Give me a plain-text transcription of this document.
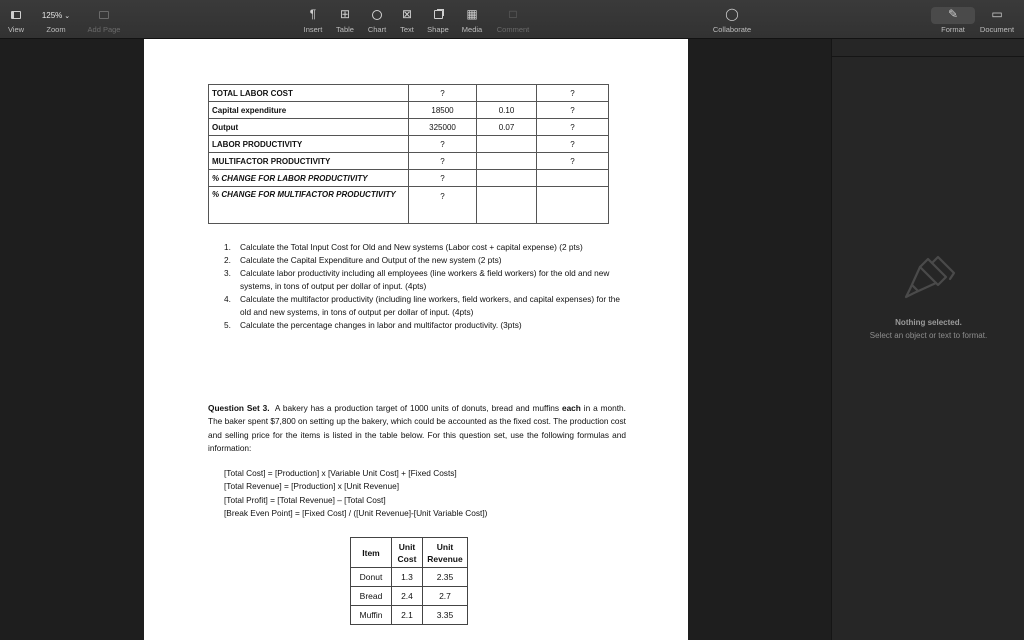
View
125% ⌄
Zoom	Add Page
¶
Insert
⊞
Table	Chart
⊠
Text	Shape
▦
Media
□
Comment
◯
Collaborate
✎
Format
▭
Document
TOTAL LABOR COST	?		?
Capital expenditure	18500	0.10	?
Output	325000	0.07	?
LABOR PRODUCTIVITY	?		?
MULTIFACTOR PRODUCTIVITY	?		?
% CHANGE FOR LABOR PRODUCTIVITY	?		
% CHANGE FOR MULTIFACTOR PRODUCTIVITY	?		
1. Calculate the Total Input Cost for Old and New systems (Labor cost + capital expense) (2 pts)
2. Calculate the Capital Expenditure and Output of the new system (2 pts)
3. Calculate labor productivity including all employees (line workers & field workers) for the old and new systems, in tons of output per dollar of input. (4pts)
4. Calculate the multifactor productivity (including line workers, field workers, and capital expenses) for the old and new systems, in tons of output per dollar of input. (4pts)
5. Calculate the percentage changes in labor and multifactor productivity. (3pts)

Question Set 3. A bakery has a production target of 1000 units of donuts, bread and muffins each in a month. The baker spent $7,800 on setting up the bakery, which could be accounted as the fixed cost. The production cost and selling price for the items is listed in the table below. For this question set, use the following formulas and information:

[Total Cost] = [Production] x [Variable Unit Cost] + [Fixed Costs]
[Total Revenue] = [Production] x [Unit Revenue]
[Total Profit] = [Total Revenue] – [Total Cost]
[Break Even Point] = [Fixed Cost] / ([Unit Revenue]-[Unit Variable Cost])
Item	Unit Cost	Unit Revenue
Donut	1.3	2.35
Bread	2.4	2.7
Muffin	2.1	3.35
Nothing selected.
Select an object or text to format.
